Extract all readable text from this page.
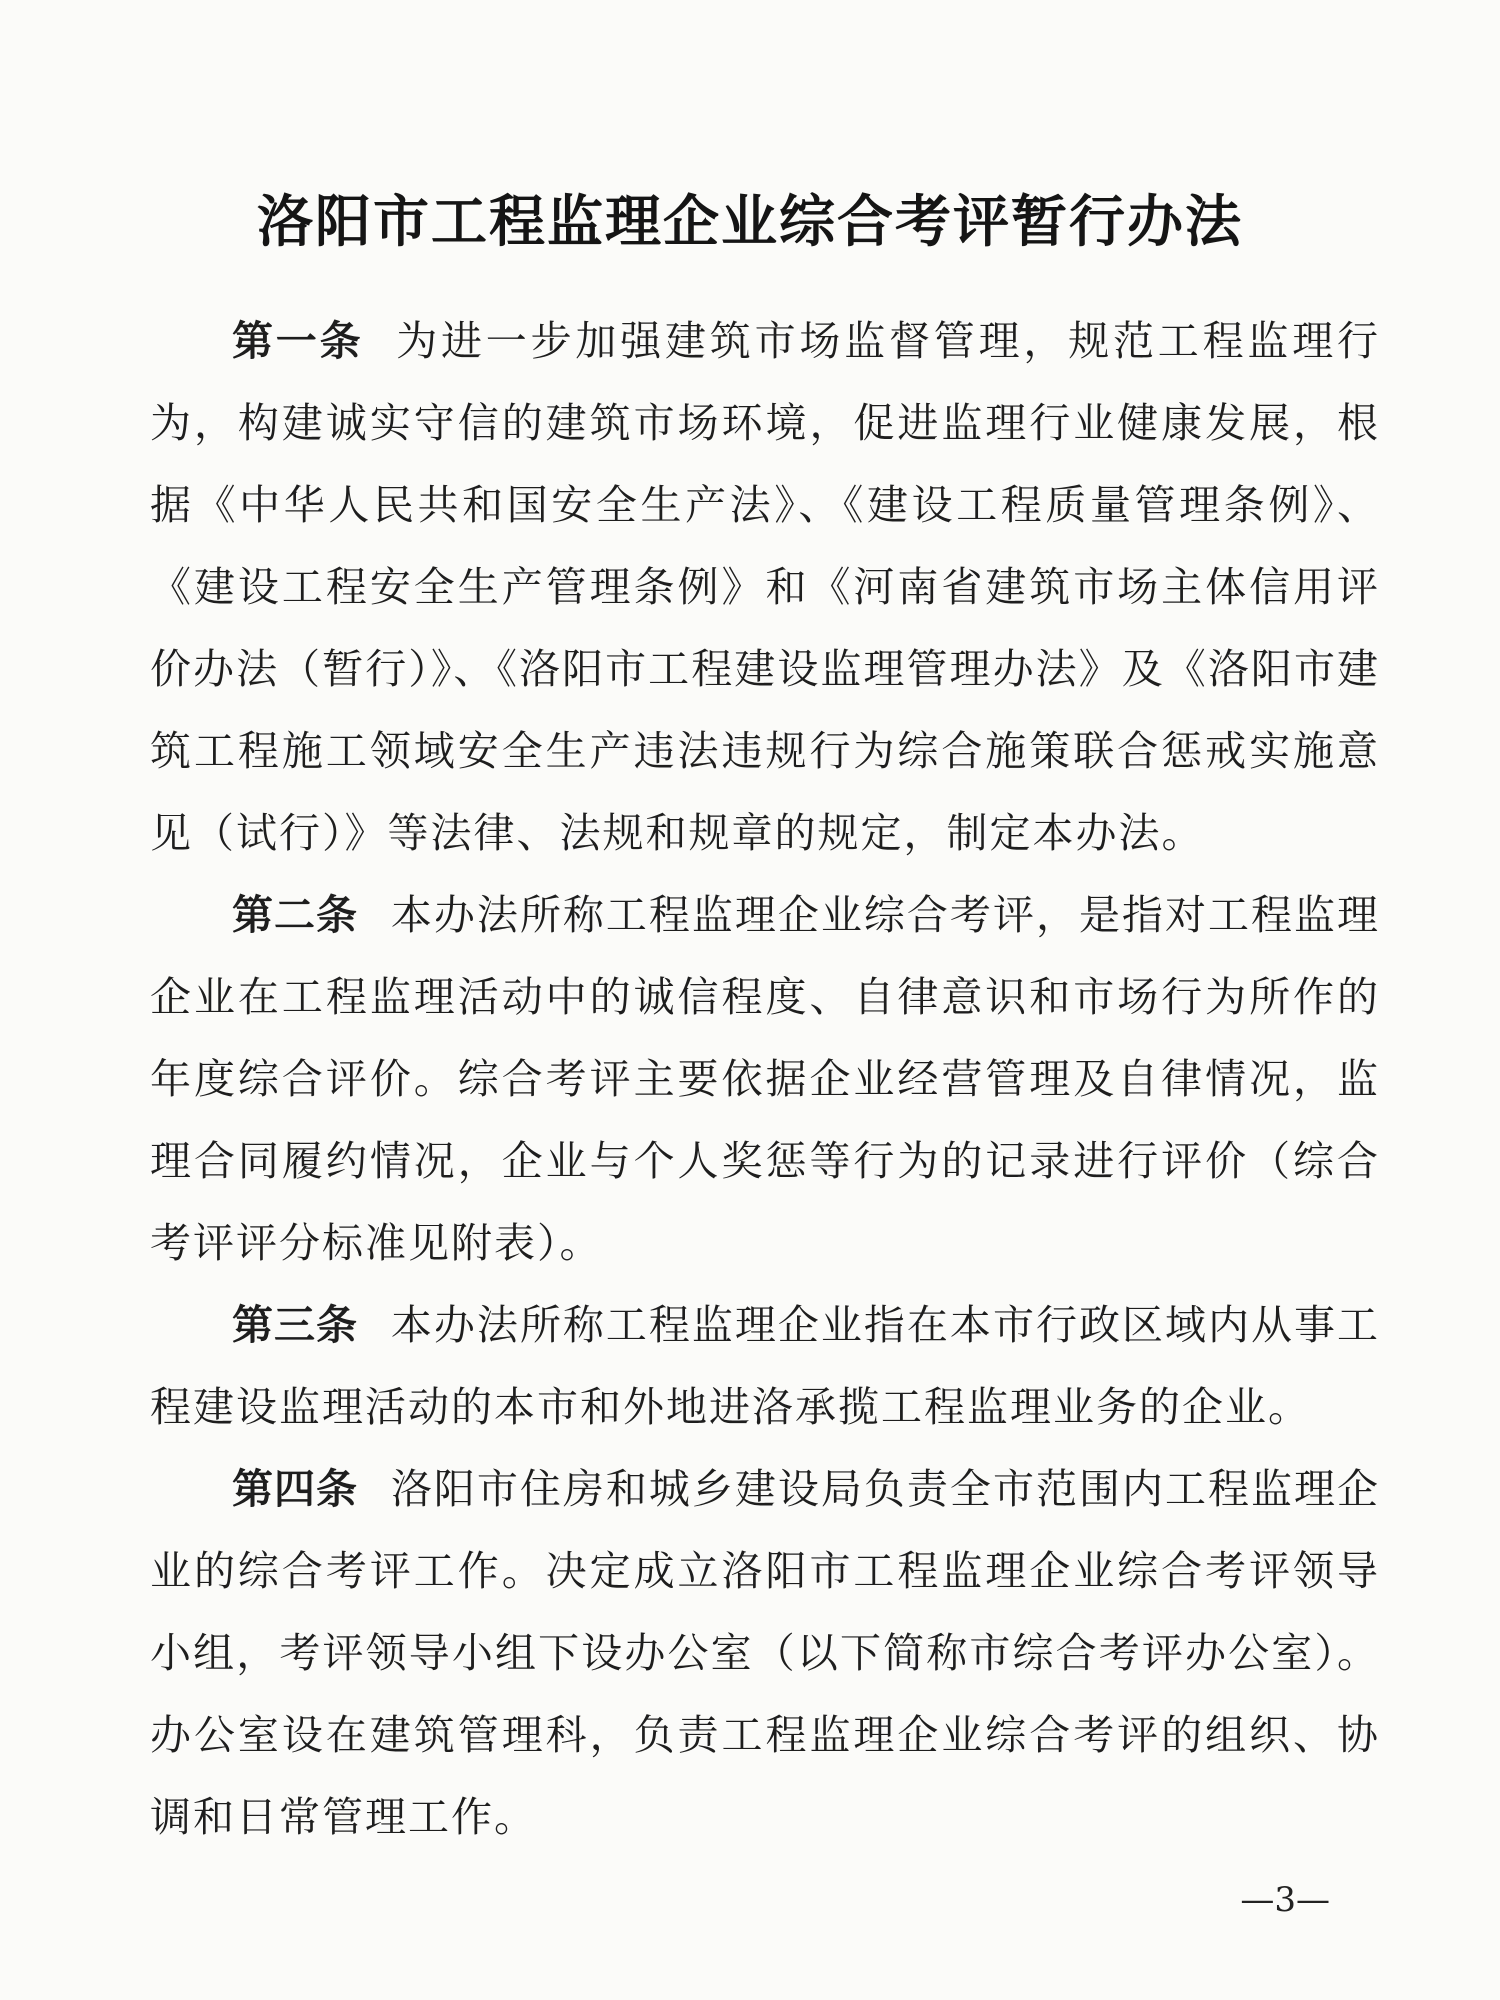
洛阳市工程监理企业综合考评暂行办法

第一条 为进一步加强建筑市场监督管理，规范工程监理行为，构建诚实守信的建筑市场环境，促进监理行业健康发展，根据《中华人民共和国安全生产法》、《建设工程质量管理条例》、《建设工程安全生产管理条例》和《河南省建筑市场主体信用评价办法（暂行）》、《洛阳市工程建设监理管理办法》及《洛阳市建筑工程施工领域安全生产违法违规行为综合施策联合惩戒实施意见（试行）》等法律、法规和规章的规定，制定本办法。

第二条 本办法所称工程监理企业综合考评，是指对工程监理企业在工程监理活动中的诚信程度、自律意识和市场行为所作的年度综合评价。综合考评主要依据企业经营管理及自律情况，监理合同履约情况，企业与个人奖惩等行为的记录进行评价（综合考评评分标准见附表）。

第三条 本办法所称工程监理企业指在本市行政区域内从事工程建设监理活动的本市和外地进洛承揽工程监理业务的企业。

第四条 洛阳市住房和城乡建设局负责全市范围内工程监理企业的综合考评工作。决定成立洛阳市工程监理企业综合考评领导小组，考评领导小组下设办公室（以下简称市综合考评办公室）。办公室设在建筑管理科，负责工程监理企业综合考评的组织、协调和日常管理工作。

—3—
